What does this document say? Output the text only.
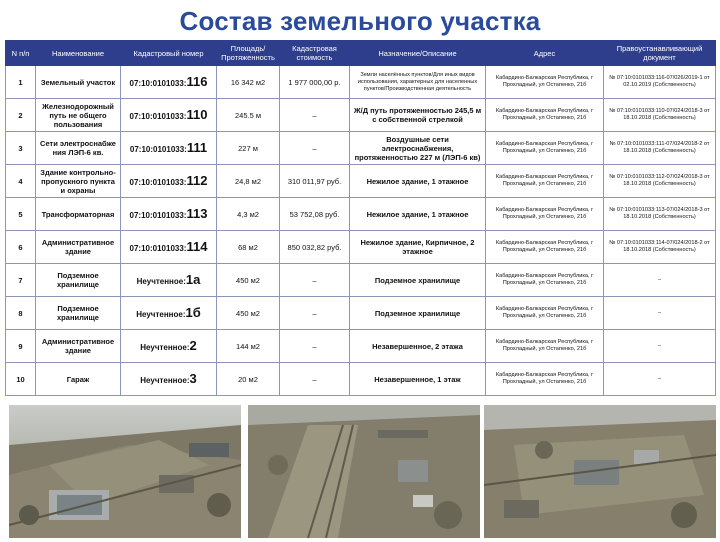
Состав земельного участка
N п/п	Наименование	Кадастровый номер	Площадь/ Протяженность	Кадастровая стоимость	Назначение/Описание	Адрес	Правоустанавливающий документ
1	Земельный участок	07:10:0101033:116	16 342 м2	1 977 000,00 р.	Земли населённых пунктов/Для иных видов использования, характерных для населенных пунктов/Производственная деятельность	Кабардино-Балкарская Республика, г Прохладный, ул Остапенко, 21б	№ 07:10:0101033:116-07/026/2019-1 от 02.10.2019 (Собственность)
2	Железнодорожный путь не общего пользования	07:10:0101033:110	245.5 м	–	Ж/Д путь протяженностью 245,5 м с собственной стрелкой	Кабардино-Балкарская Республика, г Прохладный, ул Остапенко, 21б	№ 07:10:0101033:110-07/024/2018-3 от 18.10.2018 (Собственность)
3	Сети электроснабже ния ЛЭП-6 кв.	07:10:0101033:111	227 м	–	Воздушные сети электроснабжения, протяженностью 227 м (ЛЭП-6 кв)	Кабардино-Балкарская Республика, г Прохладный, ул Остапенко, 21б	№ 07:10:0101033:111-07/024/2018-2 от 18.10.2018 (Собственность)
4	Здание контрольно-пропускного пункта и охраны	07:10:0101033:112	24,8 м2	310 011,97 руб.	Нежилое здание, 1 этажное	Кабардино-Балкарская Республика, г Прохладный, ул Остапенко, 21б	№ 07:10:0101033:112-07/024/2018-3 от 18.10.2018 (Собственность)
5	Трансформаторная	07:10:0101033:113	4,3 м2	53 752,08 руб.	Нежилое здание, 1 этажное	Кабардино-Балкарская Республика, г Прохладный, ул Остапенко, 21б	№ 07:10:0101033:113-07/024/2018-3 от 18.10.2018 (Собственность)
6	Административное здание	07:10:0101033:114	68 м2	850 032,82 руб.	Нежилое здание, Кирпичное, 2 этажное	Кабардино-Балкарская Республика, г Прохладный, ул Остапенко, 21б	№ 07:10:0101033:114-07/024/2018-2 от 18.10.2018 (Собственность)
7	Подземное хранилище	Неучтенное:1а	450 м2	–	Подземное хранилище	Кабардино-Балкарская Республика, г Прохладный, ул Остапенко, 21б	–
8	Подземное хранилище	Неучтенное:1б	450 м2	–	Подземное хранилище	Кабардино-Балкарская Республика, г Прохладный, ул Остапенко, 21б	–
9	Административное здание	Неучтенное:2	144 м2	–	Незавершенное, 2 этажа	Кабардино-Балкарская Республика, г Прохладный, ул Остапенко, 21б	–
10	Гараж	Неучтенное:3	20 м2	–	Незавершенное, 1 этаж	Кабардино-Балкарская Республика, г Прохладный, ул Остапенко, 21б	–
